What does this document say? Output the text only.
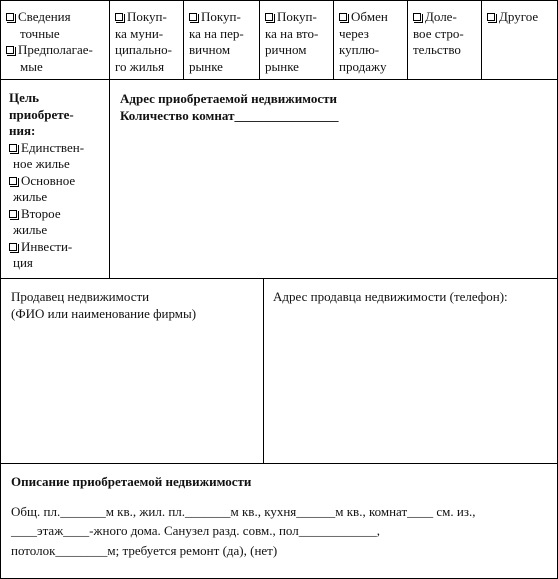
Сведения
точные
Предполагае-
мые
Покуп-
ка муни-
ципально-
го жилья
Покуп-
ка на пер-
вичном
рынке
Покуп-
ка на вто-
ричном
рынке
Обмен
через
куплю-
продажу
Доле-
вое стро-
тельство
Другое
Цель
приобрете-
ния:
Единствен-
ное жилье
Основное
жилье
Второе
жилье
Инвести-
ция
Адрес приобретаемой недвижимости
Количество комнат________________
Продавец недвижимости
(ФИО или наименование фирмы)
Адрес продавца недвижимости (телефон):
Описание приобретаемой недвижимости
Общ. пл._______м кв., жил. пл._______м кв., кухня______м кв., комнат____ см. из.,
____этаж____-жного дома. Санузел разд. совм., пол____________,
потолок________м; требуется ремонт (да), (нет)
